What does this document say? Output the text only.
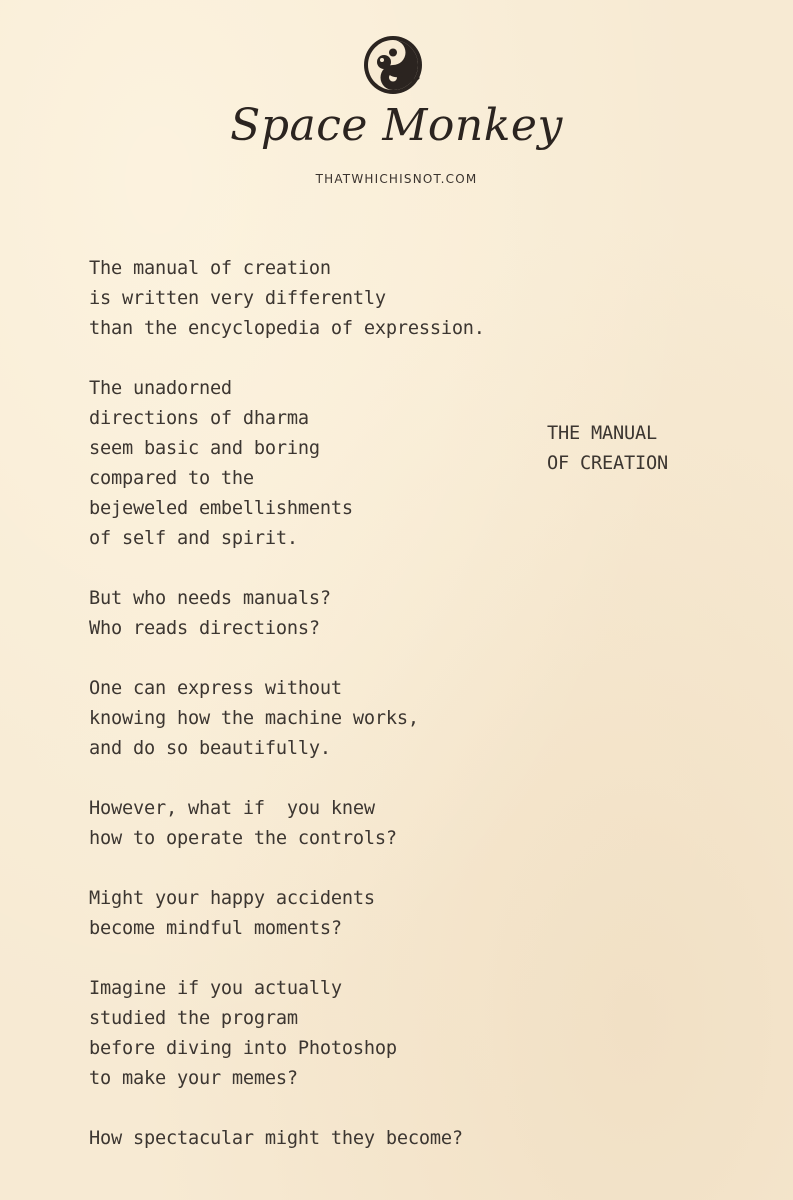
Space Monkey
THATWHICHISNOT.COM
The manual of creation
is written very differently
than the encyclopedia of expression.
The unadorned
directions of dharma
seem basic and boring
compared to the
bejeweled embellishments
of self and spirit.
But who needs manuals?
Who reads directions?
One can express without
knowing how the machine works,
and do so beautifully.
However, what if  you knew
how to operate the controls?
Might your happy accidents
become mindful moments?
Imagine if you actually
studied the program
before diving into Photoshop
to make your memes?
How spectacular might they become?
THE MANUAL
OF CREATION
